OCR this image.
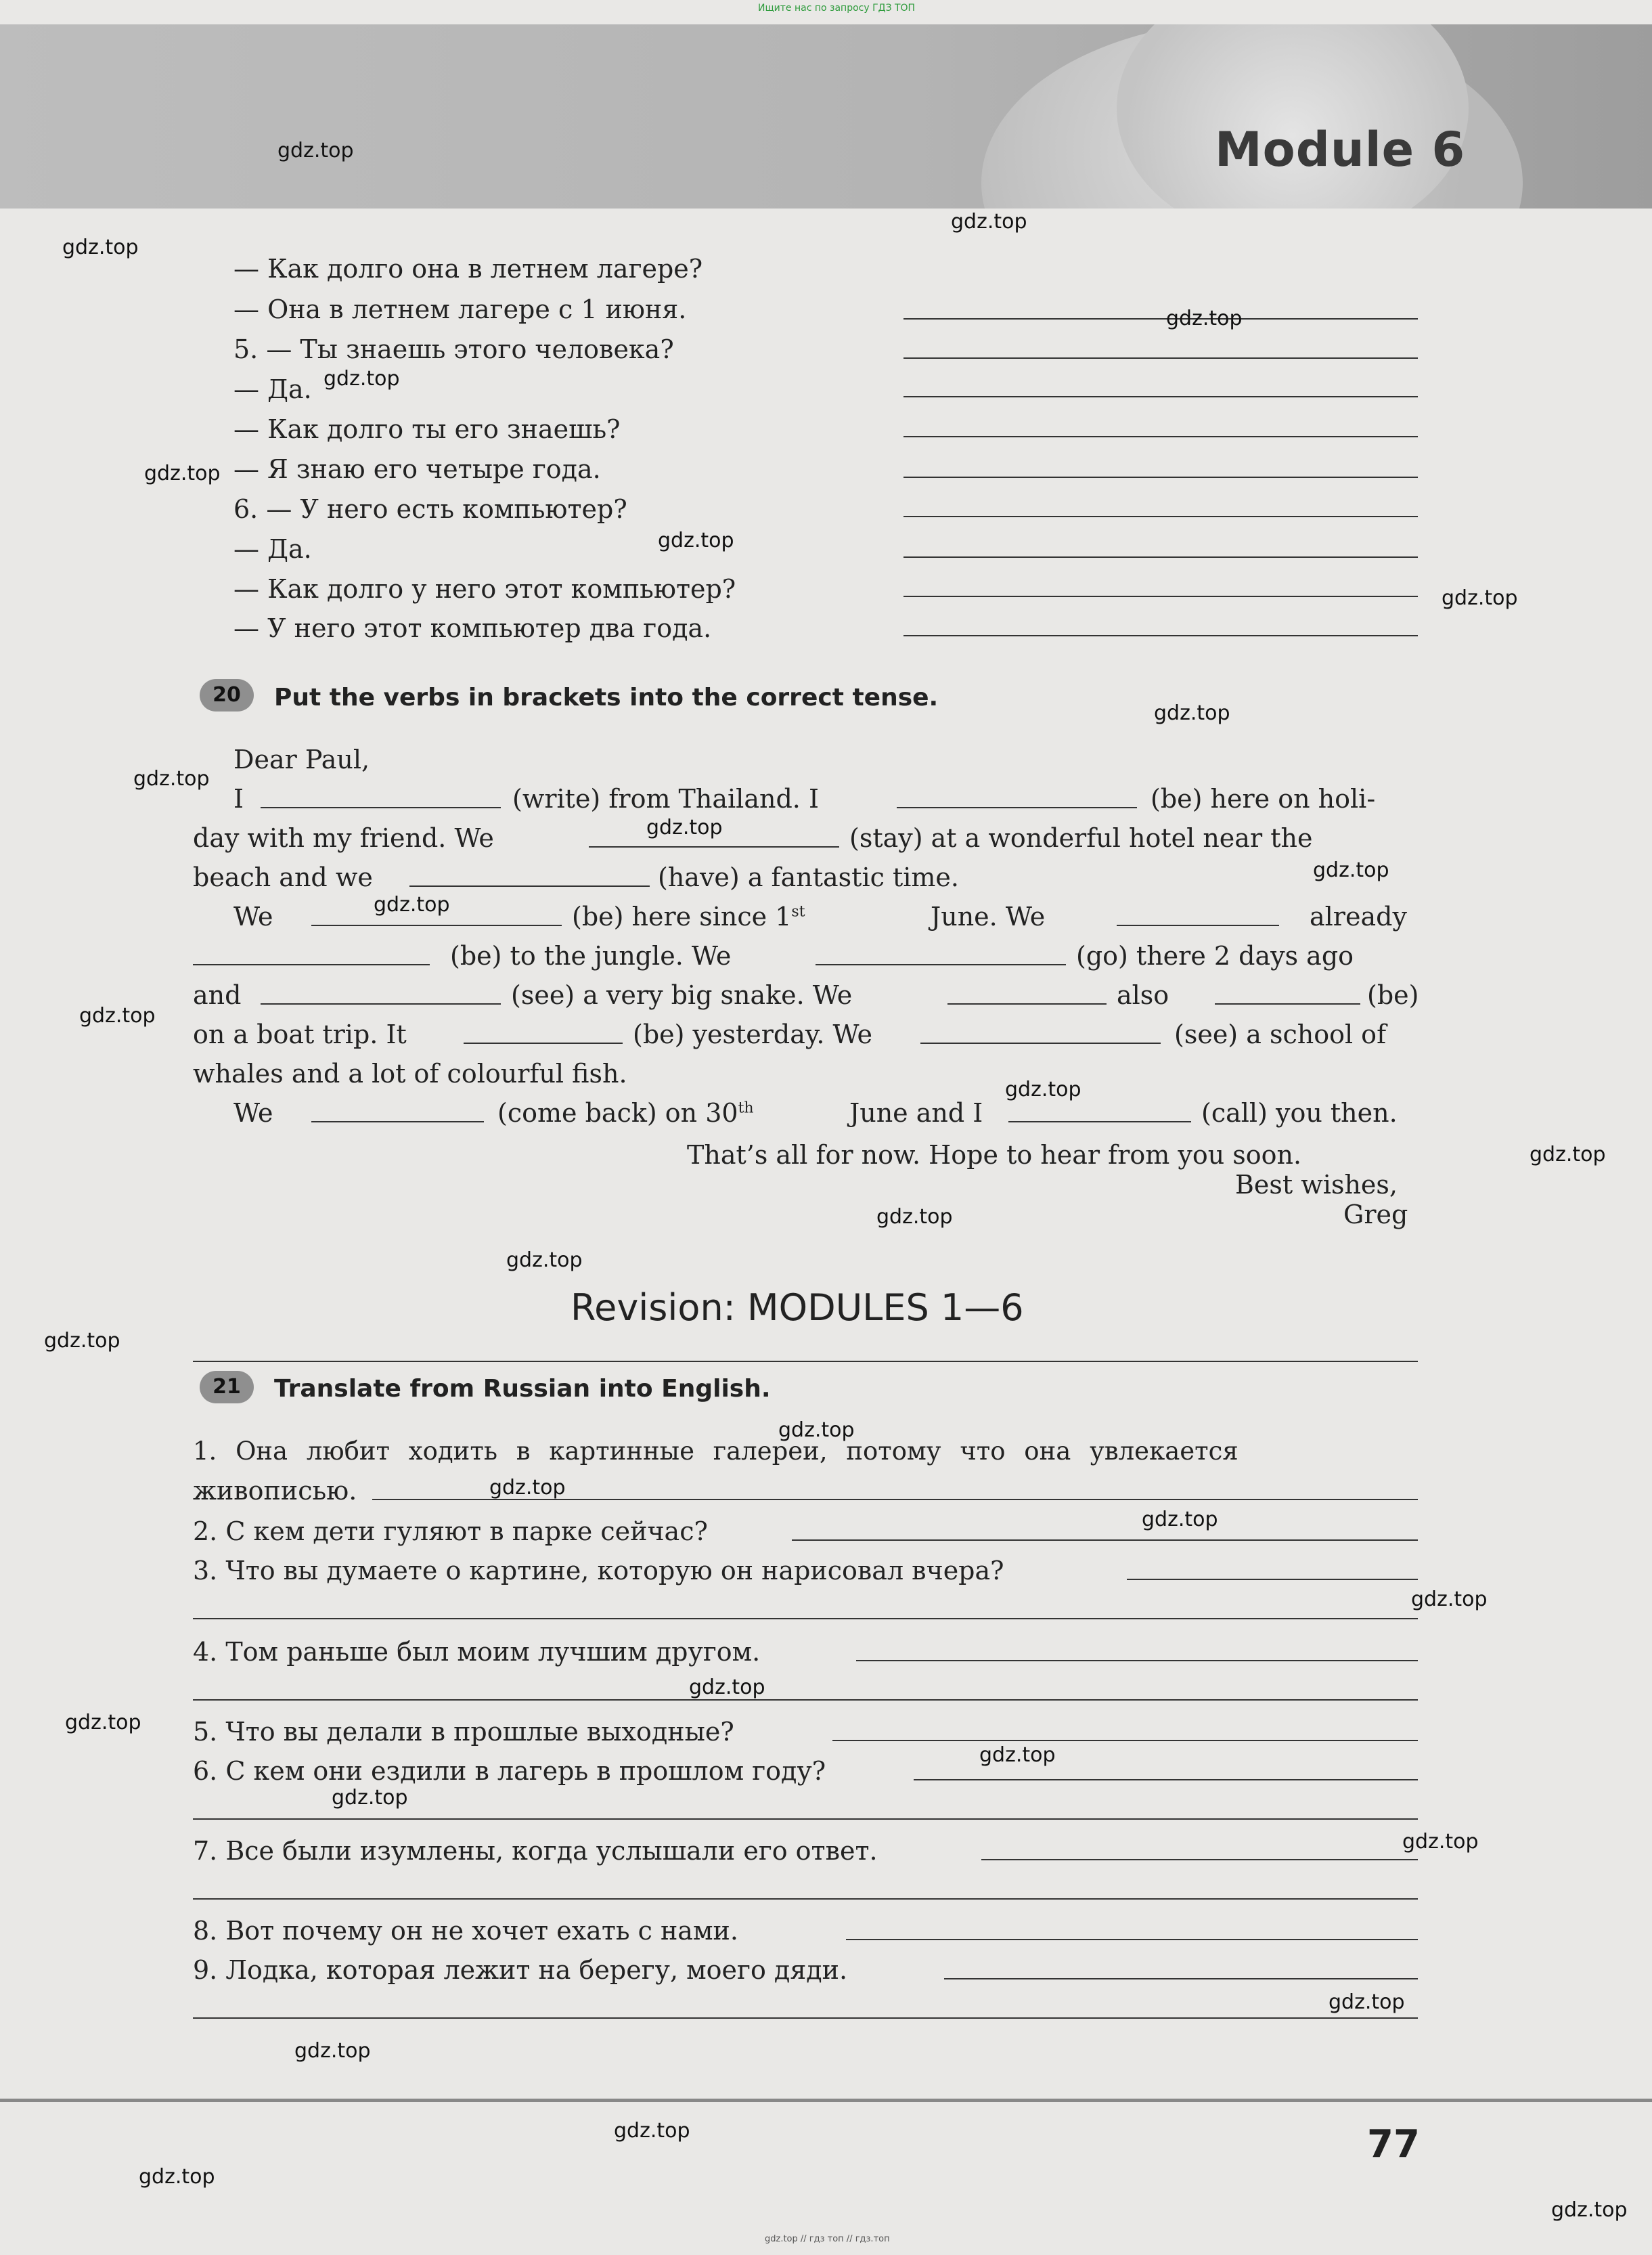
Ищите нас по запросу ГДЗ ТОП
Module 6
— Как долго она в летнем лагере?
— Она в летнем лагере с 1 июня.
5. — Ты знаешь этого человека?
— Да.
— Как долго ты его знаешь?
— Я знаю его четыре года.
6. — У него есть компьютер?
— Да.
— Как долго у него этот компьютер?
— У него этот компьютер два года.
20	Put the verbs in brackets into the correct tense.
Dear Paul,
I	(write) from Thailand. I	(be) here on holi-
day with my friend. We	(stay) at a wonderful hotel near the
beach and we	(have) a fantastic time.
We	(be) here since 1st	June. We	already
(be) to the jungle. We	(go) there 2 days ago
and	(see) a very big snake. We	also	(be)
on a boat trip. It	(be) yesterday. We	(see) a school of
whales and a lot of colourful fish.
We	(come back) on 30th	June and I	(call) you then.
That’s all for now. Hope to hear from you soon.
Best wishes,
Greg
Revision: MODULES 1—6
21	Translate from Russian into English.
1. Она любит ходить в картинные галереи, потому что она увлекается
живописью.
2. С кем дети гуляют в парке сейчас?
3. Что вы думаете о картине, которую он нарисовал вчера?
4. Том раньше был моим лучшим другом.
5. Что вы делали в прошлые выходные?
6. С кем они ездили в лагерь в прошлом году?
7. Все были изумлены, когда услышали его ответ.
8. Вот почему он не хочет ехать с нами.
9. Лодка, которая лежит на берегу, моего дяди.
77
gdz.top // гдз топ // гдз.топ
gdz.top
gdz.top
gdz.top
gdz.top
gdz.top
gdz.top
gdz.top
gdz.top
gdz.top
gdz.top
gdz.top
gdz.top
gdz.top
gdz.top
gdz.top
gdz.top
gdz.top
gdz.top
gdz.top
gdz.top
gdz.top
gdz.top
gdz.top
gdz.top
gdz.top
gdz.top
gdz.top
gdz.top
gdz.top
gdz.top
gdz.top
gdz.top
gdz.top
